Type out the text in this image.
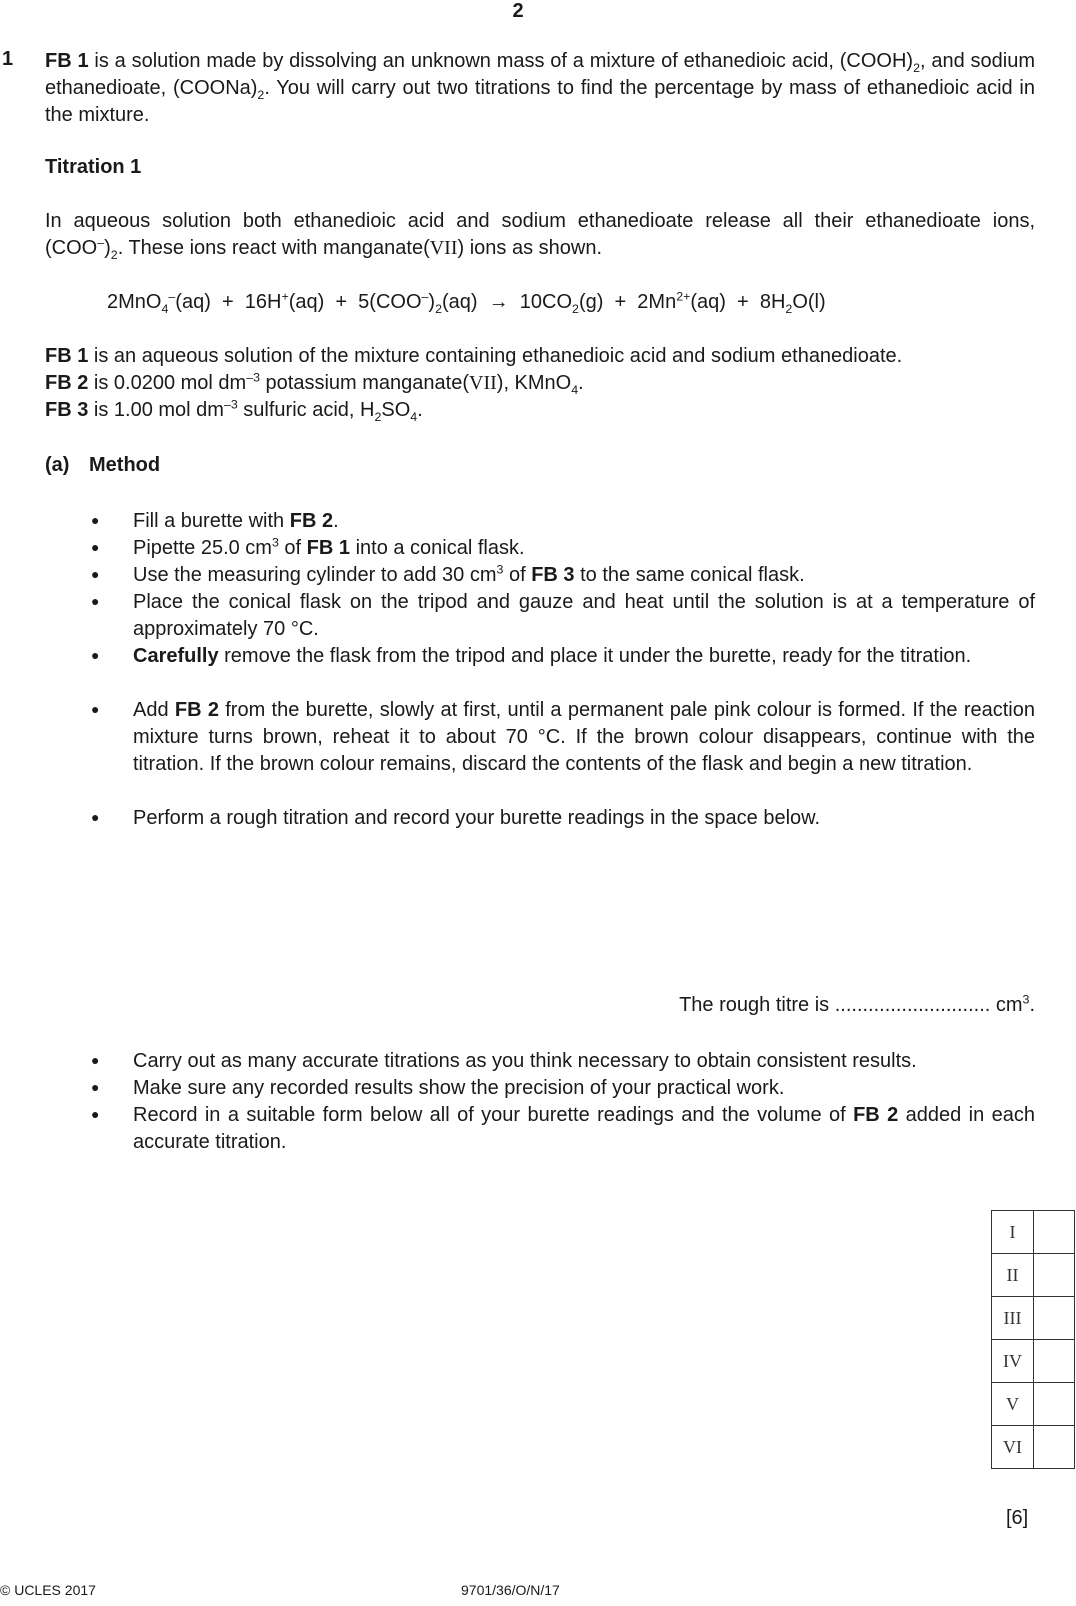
2
1 FB 1 is a solution made by dissolving an unknown mass of a mixture of ethanedioic acid, $(COOH)_2$, and sodium ethanedioate, $(COONa)_2$. You will carry out two titrations to find the percentage by mass of ethanedioic acid in the mixture.
Titration 1
In aqueous solution both ethanedioic acid and sodium ethanedioate release all their ethanedioate ions, $(COO^-)_2$. These ions react with manganate(VII) ions as shown.
$2MnO_4^-(aq) + 16H^+(aq) + 5(COO^-)_2(aq) \to 10CO_2(g) + 2Mn^{2+}(aq) + 8H_2O(l)$
FB 1 is an aqueous solution of the mixture containing ethanedioic acid and sodium ethanedioate.
FB 2 is 0.0200 mol $dm^{-3}$ potassium manganate(VII), KMnO$_4$.
FB 3 is 1.00 mol $dm^{-3}$ sulfuric acid, $H_2SO_4$.
(a) Method
● Fill a burette with FB 2.
● Pipette 25.0 $cm^3$ of FB 1 into a conical flask.
● Use the measuring cylinder to add 30 $cm^3$ of FB 3 to the same conical flask.
● Place the conical flask on the tripod and gauze and heat until the solution is at a temperature of approximately 70 °C.
● Carefully remove the flask from the tripod and place it under the burette, ready for the titration.
● Add FB 2 from the burette, slowly at first, until a permanent pale pink colour is formed. If the reaction mixture turns brown, reheat it to about 70 °C. If the brown colour disappears, continue with the titration. If the brown colour remains, discard the contents of the flask and begin a new titration.
● Perform a rough titration and record your burette readings in the space below.
The rough titre is ............................ $cm^3$.
● Carry out as many accurate titrations as you think necessary to obtain consistent results.
● Make sure any recorded results show the precision of your practical work.
● Record in a suitable form below all of your burette readings and the volume of FB 2 added in each accurate titration.
I	
II	
III	
IV	
V	
VI	
[6]
© UCLES 2017	9701/36/O/N/17
